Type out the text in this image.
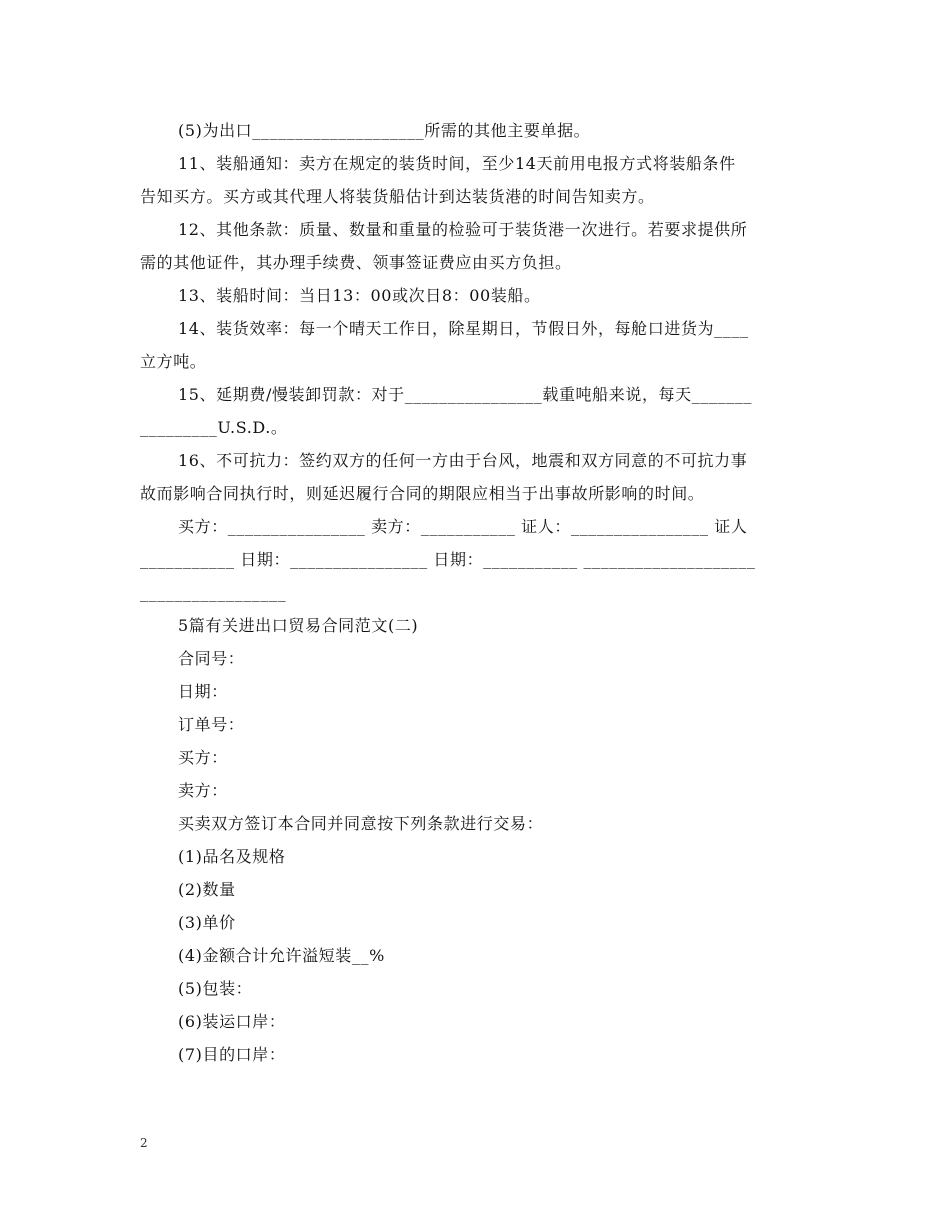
(5)为出口____________________所需的其他主要单据。
11、装船通知：卖方在规定的装货时间，至少14天前用电报方式将装船条件
告知买方。买方或其代理人将装货船估计到达装货港的时间告知卖方。
12、其他条款：质量、数量和重量的检验可于装货港一次进行。若要求提供所
需的其他证件，其办理手续费、领事签证费应由买方负担。
13、装船时间：当日13：00或次日8：00装船。
14、装货效率：每一个晴天工作日，除星期日，节假日外，每舱口进货为____
立方吨。
15、延期费/慢装卸罚款：对于________________载重吨船来说，每天_______
_________U.S.D.。
16、不可抗力：签约双方的任何一方由于台风，地震和双方同意的不可抗力事
故而影响合同执行时，则延迟履行合同的期限应相当于出事故所影响的时间。
买方：________________ 卖方：___________ 证人：________________ 证人
___________ 日期：________________ 日期：___________ ____________________
_________________
5篇有关进出口贸易合同范文(二)
合同号：
日期：
订单号：
买方：
卖方：
买卖双方签订本合同并同意按下列条款进行交易：
(1)品名及规格
(2)数量
(3)单价
(4)金额合计允许溢短装__%
(5)包装：
(6)装运口岸：
(7)目的口岸：
2
